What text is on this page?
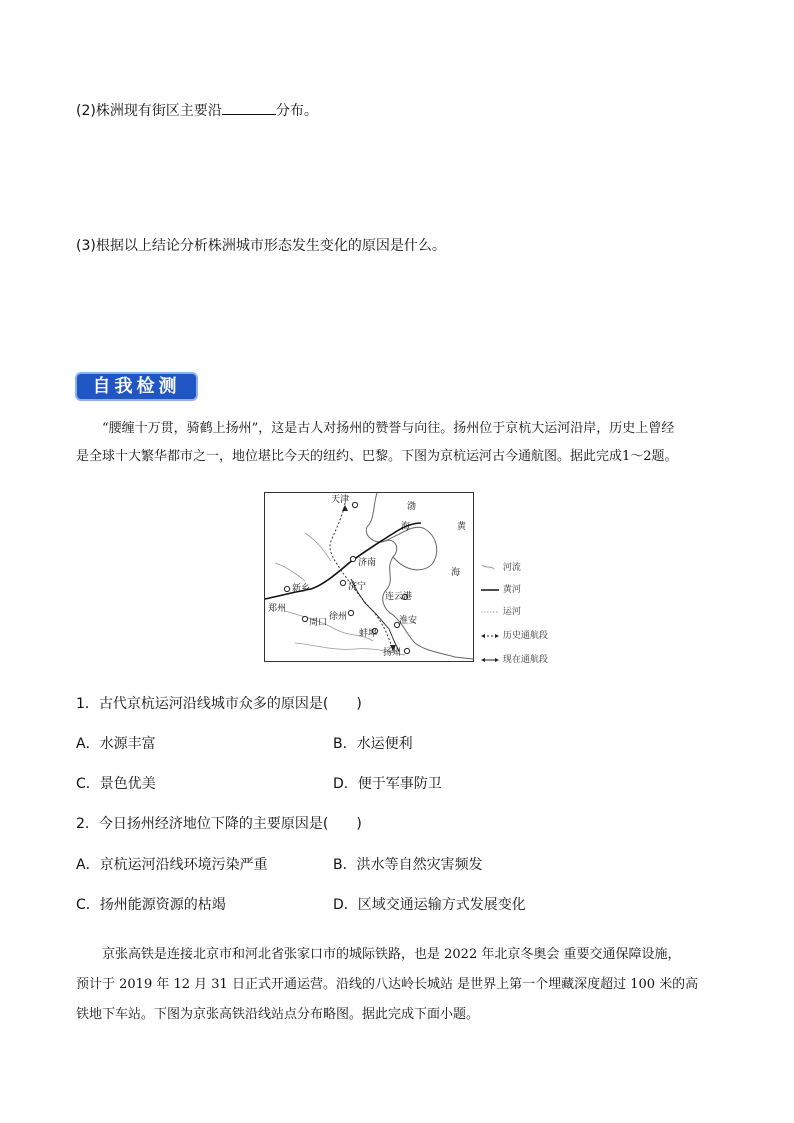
(2)株洲现有街区主要沿	分布。
(3)根据以上结论分析株洲城市形态发生变化的原因是什么。
自我检测
“腰缠十万贯，骑鹤上扬州”，这是古人对扬州的赞誉与向往。扬州位于京杭大运河沿岸，历史上曾经
是全球十大繁华都市之一，地位堪比今天的纽约、巴黎。下图为京杭运河古今通航图。据此完成1～2题。
天津
渤
海	黄
海
济南
济宁
新乡
郑州
连云港
徐州
周口	淮安
蚌埠
扬州
河流
黄河
运河
历史通航段
现在通航段
1．古代京杭运河沿线城市众多的原因是(　　)
A．水源丰富	B．水运便利
C．景色优美	D．便于军事防卫
2．今日扬州经济地位下降的主要原因是(　　)
A．京杭运河沿线环境污染严重	B．洪水等自然灾害频发
C．扬州能源资源的枯竭	D．区域交通运输方式发展变化
京张高铁是连接北京市和河北省张家口市的城际铁路，也是 2022 年北京冬奥会 重要交通保障设施，
预计于 2019 年 12 月 31 日正式开通运营。沿线的八达岭长城站 是世界上第一个埋藏深度超过 100 米的高
铁地下车站。下图为京张高铁沿线站点分布略图。据此完成下面小题。
